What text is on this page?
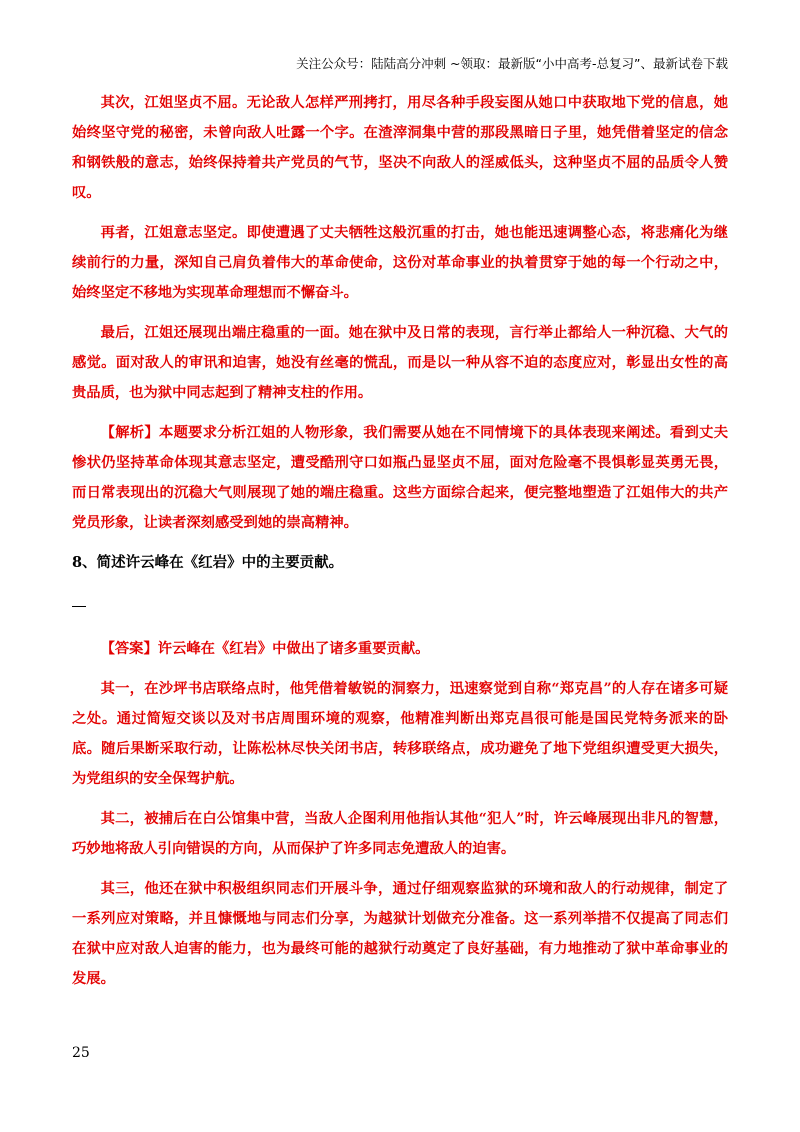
关注公众号：陆陆高分冲刺 ~领取：最新版“小中高考-总复习”、最新试卷下载

其次，江姐坚贞不屈。无论敌人怎样严刑拷打，用尽各种手段妄图从她口中获取地下党的信息，她始终坚守党的秘密，未曾向敌人吐露一个字。在渣滓洞集中营的那段黑暗日子里，她凭借着坚定的信念和钢铁般的意志，始终保持着共产党员的气节，坚决不向敌人的淫威低头，这种坚贞不屈的品质令人赞叹。

再者，江姐意志坚定。即使遭遇了丈夫牺牲这般沉重的打击，她也能迅速调整心态，将悲痛化为继续前行的力量，深知自己肩负着伟大的革命使命，这份对革命事业的执着贯穿于她的每一个行动之中，始终坚定不移地为实现革命理想而不懈奋斗。

最后，江姐还展现出端庄稳重的一面。她在狱中及日常的表现，言行举止都给人一种沉稳、大气的感觉。面对敌人的审讯和迫害，她没有丝毫的慌乱，而是以一种从容不迫的态度应对，彰显出女性的高贵品质，也为狱中同志起到了精神支柱的作用。

【解析】本题要求分析江姐的人物形象，我们需要从她在不同情境下的具体表现来阐述。看到丈夫惨状仍坚持革命体现其意志坚定，遭受酷刑守口如瓶凸显坚贞不屈，面对危险毫不畏惧彰显英勇无畏，而日常表现出的沉稳大气则展现了她的端庄稳重。这些方面综合起来，便完整地塑造了江姐伟大的共产党员形象，让读者深刻感受到她的崇高精神。

8、简述许云峰在《红岩》中的主要贡献。

【答案】许云峰在《红岩》中做出了诸多重要贡献。

其一，在沙坪书店联络点时，他凭借着敏锐的洞察力，迅速察觉到自称“郑克昌”的人存在诸多可疑之处。通过简短交谈以及对书店周围环境的观察，他精准判断出郑克昌很可能是国民党特务派来的卧底。随后果断采取行动，让陈松林尽快关闭书店，转移联络点，成功避免了地下党组织遭受更大损失，为党组织的安全保驾护航。

其二，被捕后在白公馆集中营，当敌人企图利用他指认其他“犯人”时，许云峰展现出非凡的智慧，巧妙地将敌人引向错误的方向，从而保护了许多同志免遭敌人的迫害。

其三，他还在狱中积极组织同志们开展斗争，通过仔细观察监狱的环境和敌人的行动规律，制定了一系列应对策略，并且慷慨地与同志们分享，为越狱计划做充分准备。这一系列举措不仅提高了同志们在狱中应对敌人迫害的能力，也为最终可能的越狱行动奠定了良好基础，有力地推动了狱中革命事业的发展。

25
